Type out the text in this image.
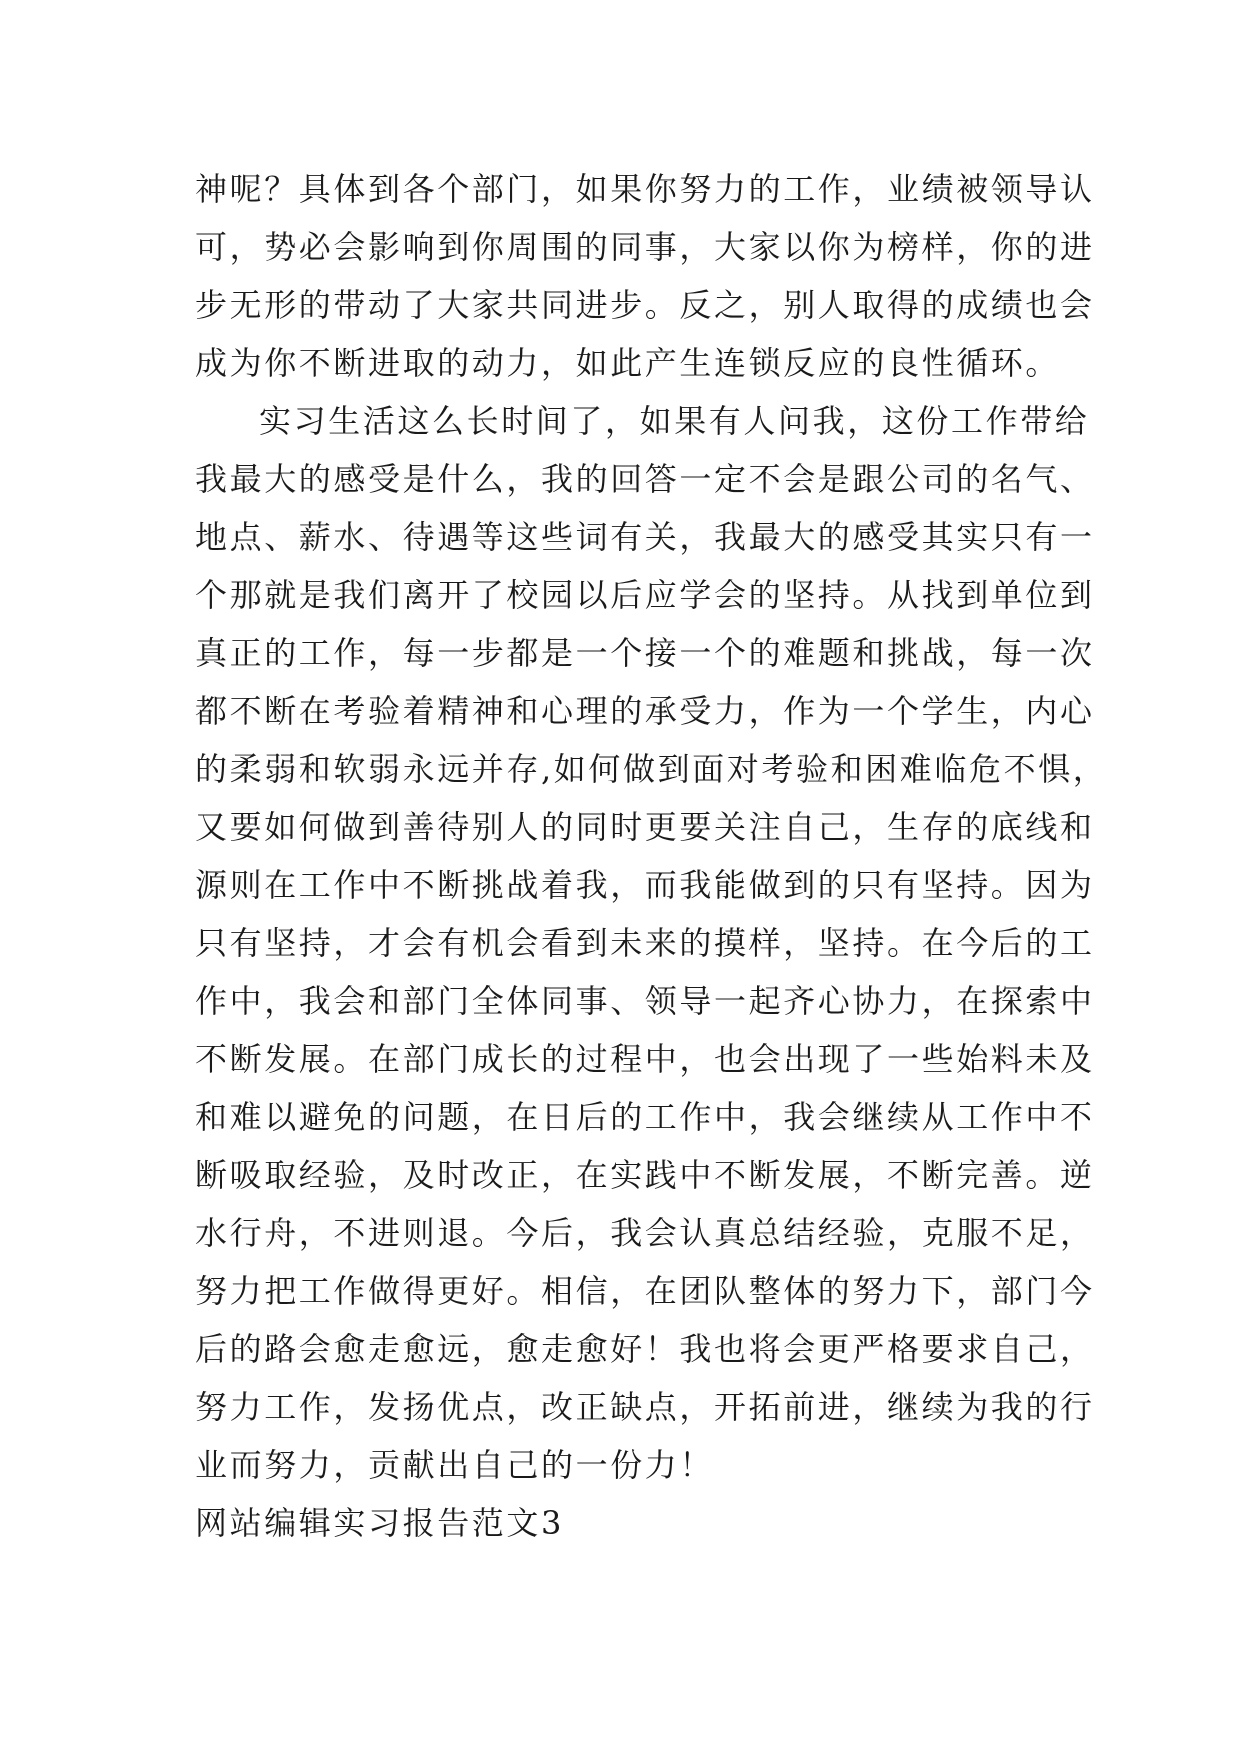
神呢？具体到各个部门，如果你努力的工作，业绩被领导认
可，势必会影响到你周围的同事，大家以你为榜样，你的进
步无形的带动了大家共同进步。反之，别人取得的成绩也会
成为你不断进取的动力，如此产生连锁反应的良性循环。
实习生活这么长时间了，如果有人问我，这份工作带给
我最大的感受是什么，我的回答一定不会是跟公司的名气、
地点、薪水、待遇等这些词有关，我最大的感受其实只有一
个那就是我们离开了校园以后应学会的坚持。从找到单位到
真正的工作，每一步都是一个接一个的难题和挑战，每一次
都不断在考验着精神和心理的承受力，作为一个学生，内心
的柔弱和软弱永远并存,如何做到面对考验和困难临危不惧，
又要如何做到善待别人的同时更要关注自己，生存的底线和
源则在工作中不断挑战着我，而我能做到的只有坚持。因为
只有坚持，才会有机会看到未来的摸样，坚持。在今后的工
作中，我会和部门全体同事、领导一起齐心协力，在探索中
不断发展。在部门成长的过程中，也会出现了一些始料未及
和难以避免的问题，在日后的工作中，我会继续从工作中不
断吸取经验，及时改正，在实践中不断发展，不断完善。逆
水行舟，不进则退。今后，我会认真总结经验，克服不足，
努力把工作做得更好。相信，在团队整体的努力下，部门今
后的路会愈走愈远，愈走愈好！我也将会更严格要求自己，
努力工作，发扬优点，改正缺点，开拓前进，继续为我的行
业而努力，贡献出自己的一份力！
网站编辑实习报告范文3
